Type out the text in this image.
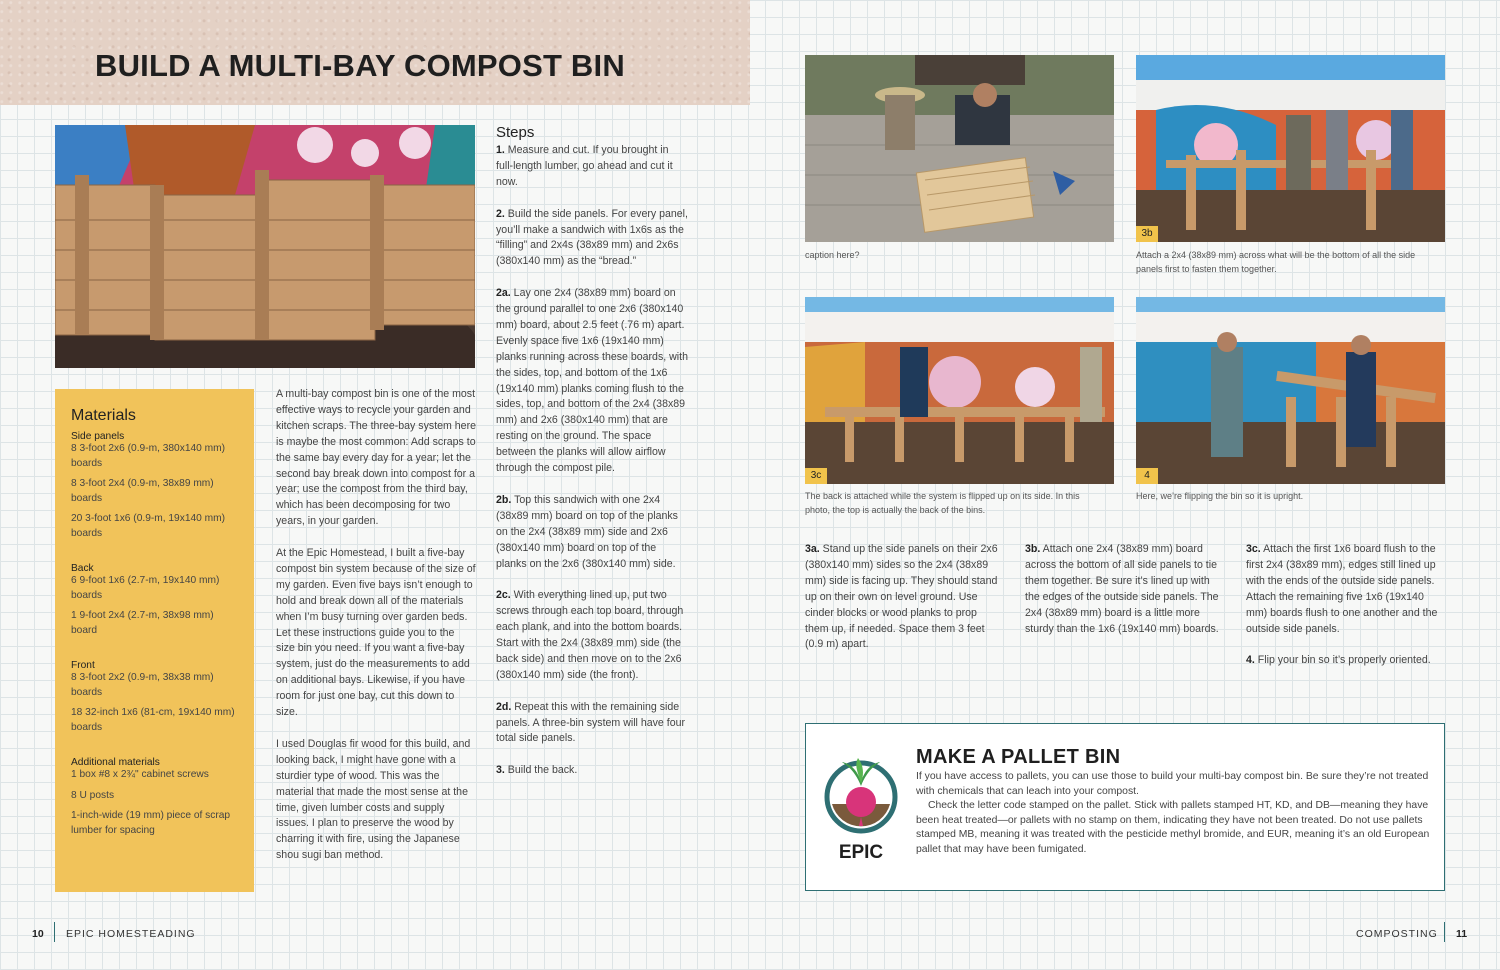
BUILD A MULTI-BAY COMPOST BIN
Materials
Side panels
8 3-foot 2x6 (0.9-m, 380x140 mm) boards
8 3-foot 2x4 (0.9-m, 38x89 mm) boards
20 3-foot 1x6 (0.9-m, 19x140 mm) boards
Back
6 9-foot 1x6 (2.7-m, 19x140 mm) boards
1 9-foot 2x4 (2.7-m, 38x98 mm) board
Front
8 3-foot 2x2 (0.9-m, 38x38 mm) boards
18 32-inch 1x6 (81-cm, 19x140 mm) boards
Additional materials
1 box #8 x 2¾" cabinet screws
8 U posts
1-inch-wide (19 mm) piece of scrap lumber for spacing

A multi-bay compost bin is one of the most effective ways to recycle your garden and kitchen scraps. The three-bay system here is maybe the most common: Add scraps to the same bay every day for a year; let the second bay break down into compost for a year; use the compost from the third bay, which has been decomposing for two years, in your garden.

At the Epic Homestead, I built a five-bay compost bin system because of the size of my garden. Even five bays isn’t enough to hold and break down all of the materials when I’m busy turning over garden beds. Let these instructions guide you to the size bin you need. If you want a five-bay system, just do the measurements to add on additional bays. Likewise, if you have room for just one bay, cut this down to size.

I used Douglas fir wood for this build, and looking back, I might have gone with a sturdier type of wood. This was the material that made the most sense at the time, given lumber costs and supply issues. I plan to preserve the wood by charring it with fire, using the Japanese shou sugi ban method.

Steps

1. Measure and cut. If you brought in full-length lumber, go ahead and cut it now.

2. Build the side panels. For every panel, you’ll make a sandwich with 1x6s as the “filling” and 2x4s (38x89 mm) and 2x6s (380x140 mm) as the “bread.”

2a. Lay one 2x4 (38x89 mm) board on the ground parallel to one 2x6 (380x140 mm) board, about 2.5 feet (.76 m) apart. Evenly space five 1x6 (19x140 mm) planks running across these boards, with the sides, top, and bottom of the 1x6 (19x140 mm) planks coming flush to the sides, top, and bottom of the 2x4 (38x89 mm) and 2x6 (380x140 mm) that are resting on the ground. The space between the planks will allow airflow through the compost pile.

2b. Top this sandwich with one 2x4 (38x89 mm) board on top of the planks on the 2x4 (38x89 mm) side and 2x6 (380x140 mm) board on top of the planks on the 2x6 (380x140 mm) side.

2c. With everything lined up, put two screws through each top board, through each plank, and into the bottom boards. Start with the 2x4 (38x89 mm) side (the back side) and then move on to the 2x6 (380x140 mm) side (the front).

2d. Repeat this with the remaining side panels. A three-bin system will have four total side panels.

3. Build the back.

caption here?
3b
Attach a 2x4 (38x89 mm) across what will be the bottom of all the side panels first to fasten them together.
3c
The back is attached while the system is flipped up on its side. In this photo, the top is actually the back of the bins.
4
Here, we’re flipping the bin so it is upright.

3a. Stand up the side panels on their 2x6 (380x140 mm) sides so the 2x4 (38x89 mm) side is facing up. They should stand up on their own on level ground. Use cinder blocks or wood planks to prop them up, if needed. Space them 3 feet (0.9 m) apart.

3b. Attach one 2x4 (38x89 mm) board across the bottom of all side panels to tie them together. Be sure it’s lined up with the edges of the outside side panels. The 2x4 (38x89 mm) board is a little more sturdy than the 1x6 (19x140 mm) boards.

3c. Attach the first 1x6 board flush to the first 2x4 (38x89 mm), edges still lined up with the ends of the outside side panels. Attach the remaining five 1x6 (19x140 mm) boards flush to one another and the outside side panels.

4. Flip your bin so it’s properly oriented.

EPIC
MAKE A PALLET BIN
If you have access to pallets, you can use those to build your multi-bay compost bin. Be sure they’re not treated with chemicals that can leach into your compost.
Check the letter code stamped on the pallet. Stick with pallets stamped HT, KD, and DB—meaning they have been heat treated—or pallets with no stamp on them, indicating they have not been treated. Do not use pallets stamped MB, meaning it was treated with the pesticide methyl bromide, and EUR, meaning it’s an old European pallet that may have been fumigated.
10 EPIC HOMESTEADING	COMPOSTING 11
